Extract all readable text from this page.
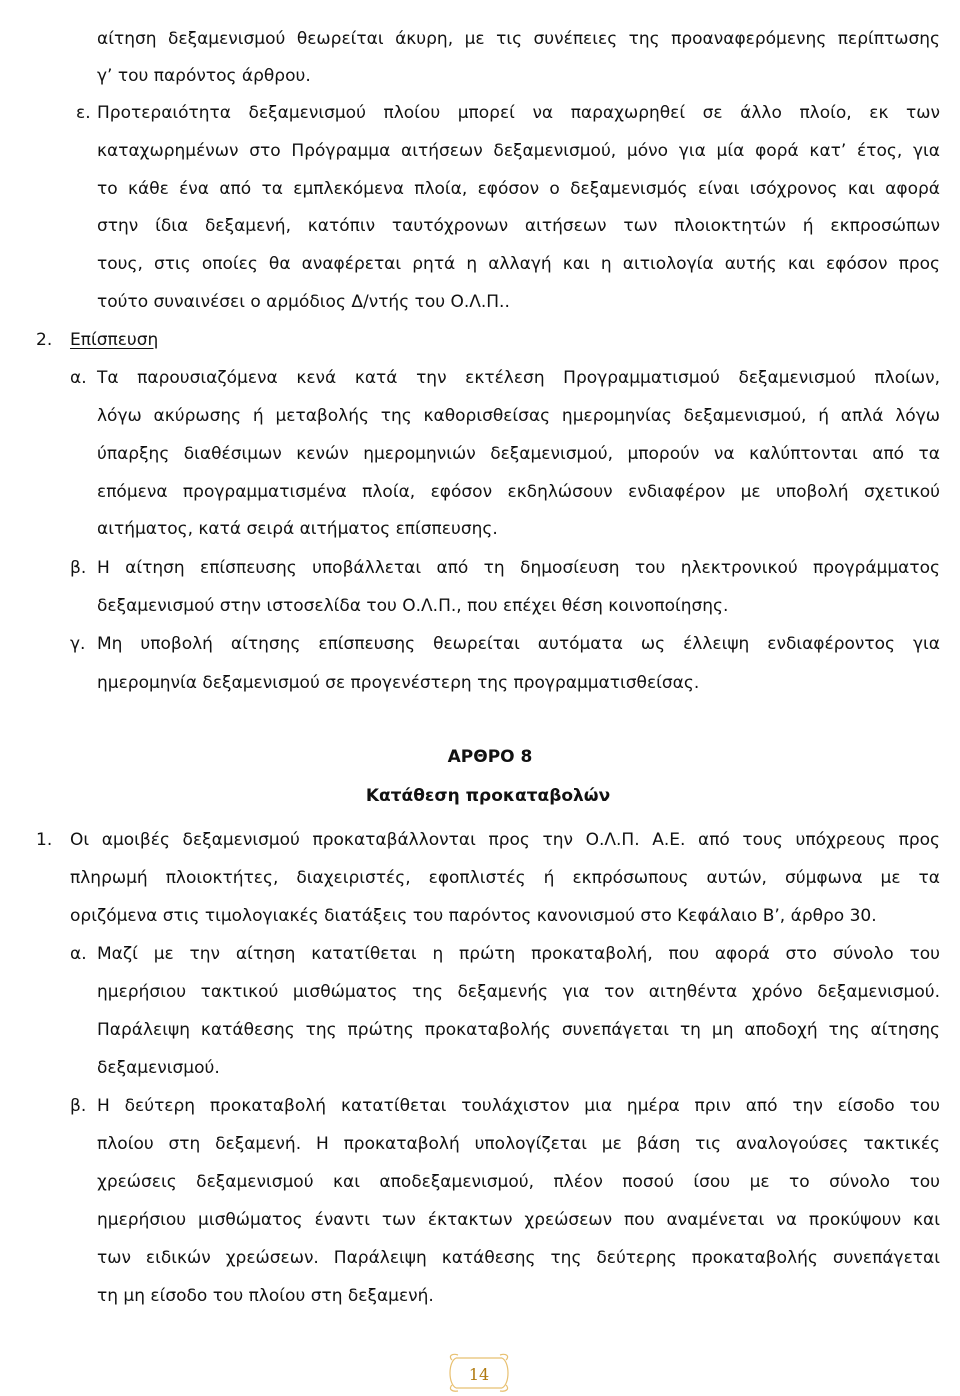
αίτηση δεξαμενισμού θεωρείται άκυρη, με τις συνέπειες της προαναφερόμενης περίπτωσης
γ’ του παρόντος άρθρου.
ε. Προτεραιότητα δεξαμενισμού πλοίου μπορεί να παραχωρηθεί σε άλλο πλοίο, εκ των
καταχωρημένων στο Πρόγραμμα αιτήσεων δεξαμενισμού, μόνο για μία φορά κατ’ έτος, για
το κάθε ένα από τα εμπλεκόμενα πλοία, εφόσον ο δεξαμενισμός είναι ισόχρονος και αφορά
στην ίδια δεξαμενή, κατόπιν ταυτόχρονων αιτήσεων των πλοιοκτητών ή εκπροσώπων
τους, στις οποίες θα αναφέρεται ρητά η αλλαγή και η αιτιολογία αυτής και εφόσον προς
τούτο συναινέσει ο αρμόδιος Δ/ντής του Ο.Λ.Π..
2. Επίσπευση
α. Τα παρουσιαζόμενα κενά κατά την εκτέλεση Προγραμματισμού δεξαμενισμού πλοίων,
λόγω ακύρωσης ή μεταβολής της καθορισθείσας ημερομηνίας δεξαμενισμού, ή απλά λόγω
ύπαρξης διαθέσιμων κενών ημερομηνιών δεξαμενισμού, μπορούν να καλύπτονται από τα
επόμενα προγραμματισμένα πλοία, εφόσον εκδηλώσουν ενδιαφέρον με υποβολή σχετικού
αιτήματος, κατά σειρά αιτήματος επίσπευσης.
β. Η αίτηση επίσπευσης υποβάλλεται από τη δημοσίευση του ηλεκτρονικού προγράμματος
δεξαμενισμού στην ιστοσελίδα του Ο.Λ.Π., που επέχει θέση κοινοποίησης.
γ. Μη υποβολή αίτησης επίσπευσης θεωρείται αυτόματα ως έλλειψη ενδιαφέροντος για
ημερομηνία δεξαμενισμού σε προγενέστερη της προγραμματισθείσας.
ΑΡΘΡΟ 8
Κατάθεση προκαταβολών
1. Οι αμοιβές δεξαμενισμού προκαταβάλλονται προς την Ο.Λ.Π. Α.Ε. από τους υπόχρεους προς
πληρωμή πλοιοκτήτες, διαχειριστές, εφοπλιστές ή εκπρόσωπους αυτών, σύμφωνα με τα
οριζόμενα στις τιμολογιακές διατάξεις του παρόντος κανονισμού στο Κεφάλαιο Β’, άρθρο 30.
α. Μαζί με την αίτηση κατατίθεται η πρώτη προκαταβολή, που αφορά στο σύνολο του
ημερήσιου τακτικού μισθώματος της δεξαμενής για τον αιτηθέντα χρόνο δεξαμενισμού.
Παράλειψη κατάθεσης της πρώτης προκαταβολής συνεπάγεται τη μη αποδοχή της αίτησης
δεξαμενισμού.
β. Η δεύτερη προκαταβολή κατατίθεται τουλάχιστον μια ημέρα πριν από την είσοδο του
πλοίου στη δεξαμενή. Η προκαταβολή υπολογίζεται με βάση τις αναλογούσες τακτικές
χρεώσεις δεξαμενισμού και αποδεξαμενισμού, πλέον ποσού ίσου με το σύνολο του
ημερήσιου μισθώματος έναντι των έκτακτων χρεώσεων που αναμένεται να προκύψουν και
των ειδικών χρεώσεων. Παράλειψη κατάθεσης της δεύτερης προκαταβολής συνεπάγεται
τη μη είσοδο του πλοίου στη δεξαμενή.
14
